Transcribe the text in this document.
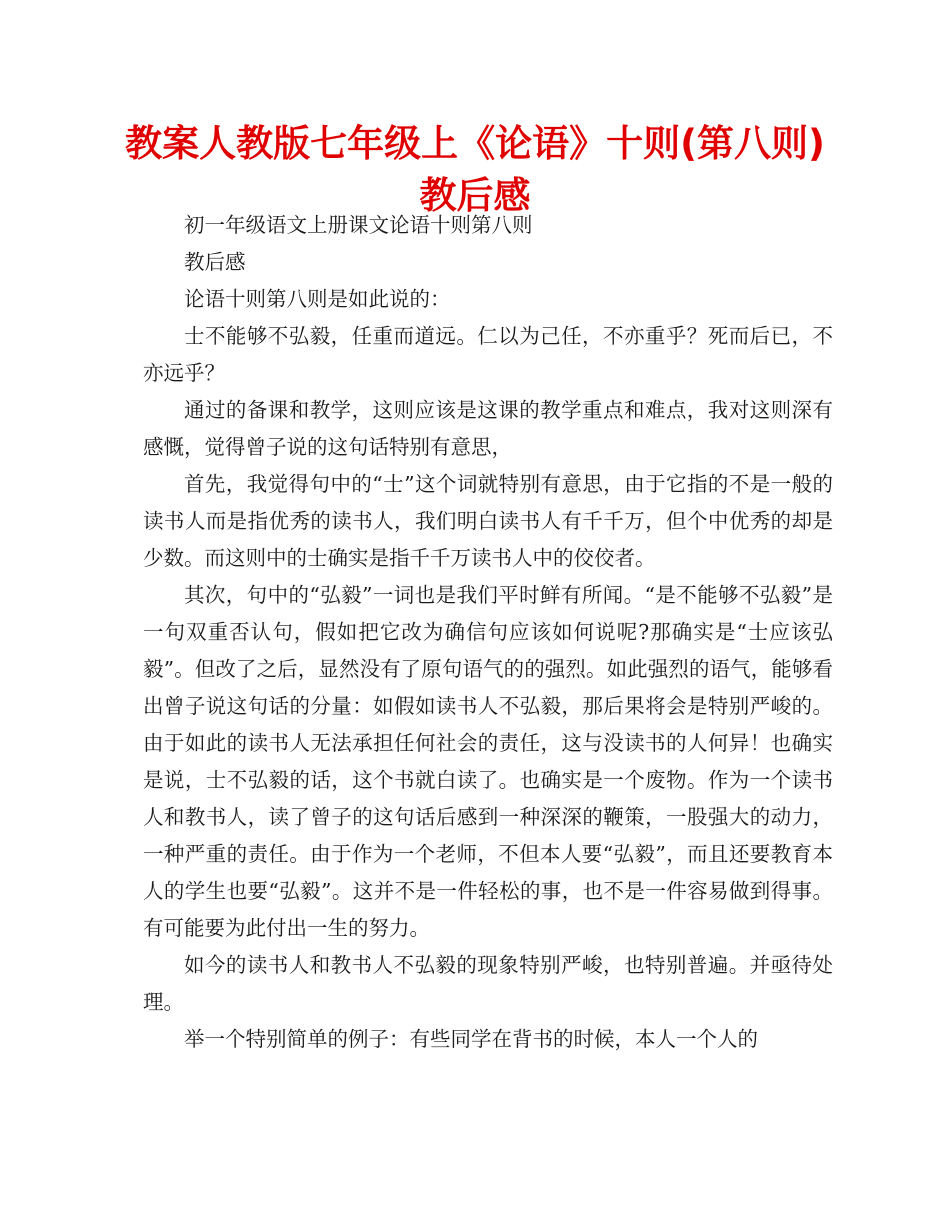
教案人教版七年级上《论语》十则(第八则)教后感

初一年级语文上册课文论语十则第八则

教后感

论语十则第八则是如此说的：

士不能够不弘毅，任重而道远。仁以为己任，不亦重乎？死而后已，不亦远乎？

通过的备课和教学，这则应该是这课的教学重点和难点，我对这则深有感慨，觉得曾子说的这句话特别有意思，

首先，我觉得句中的“士”这个词就特别有意思，由于它指的不是一般的读书人而是指优秀的读书人，我们明白读书人有千千万，但个中优秀的却是少数。而这则中的士确实是指千千万读书人中的佼佼者。

其次，句中的“弘毅”一词也是我们平时鲜有所闻。“是不能够不弘毅”是一句双重否认句，假如把它改为确信句应该如何说呢?那确实是“士应该弘毅”。但改了之后，显然没有了原句语气的的强烈。如此强烈的语气，能够看出曾子说这句话的分量：如假如读书人不弘毅，那后果将会是特别严峻的。由于如此的读书人无法承担任何社会的责任，这与没读书的人何异！也确实是说，士不弘毅的话，这个书就白读了。也确实是一个废物。作为一个读书人和教书人，读了曾子的这句话后感到一种深深的鞭策，一股强大的动力，一种严重的责任。由于作为一个老师，不但本人要“弘毅”，而且还要教育本人的学生也要“弘毅”。这并不是一件轻松的事，也不是一件容易做到得事。有可能要为此付出一生的努力。

如今的读书人和教书人不弘毅的现象特别严峻，也特别普遍。并亟待处理。

举一个特别简单的例子：有些同学在背书的时候，本人一个人的
